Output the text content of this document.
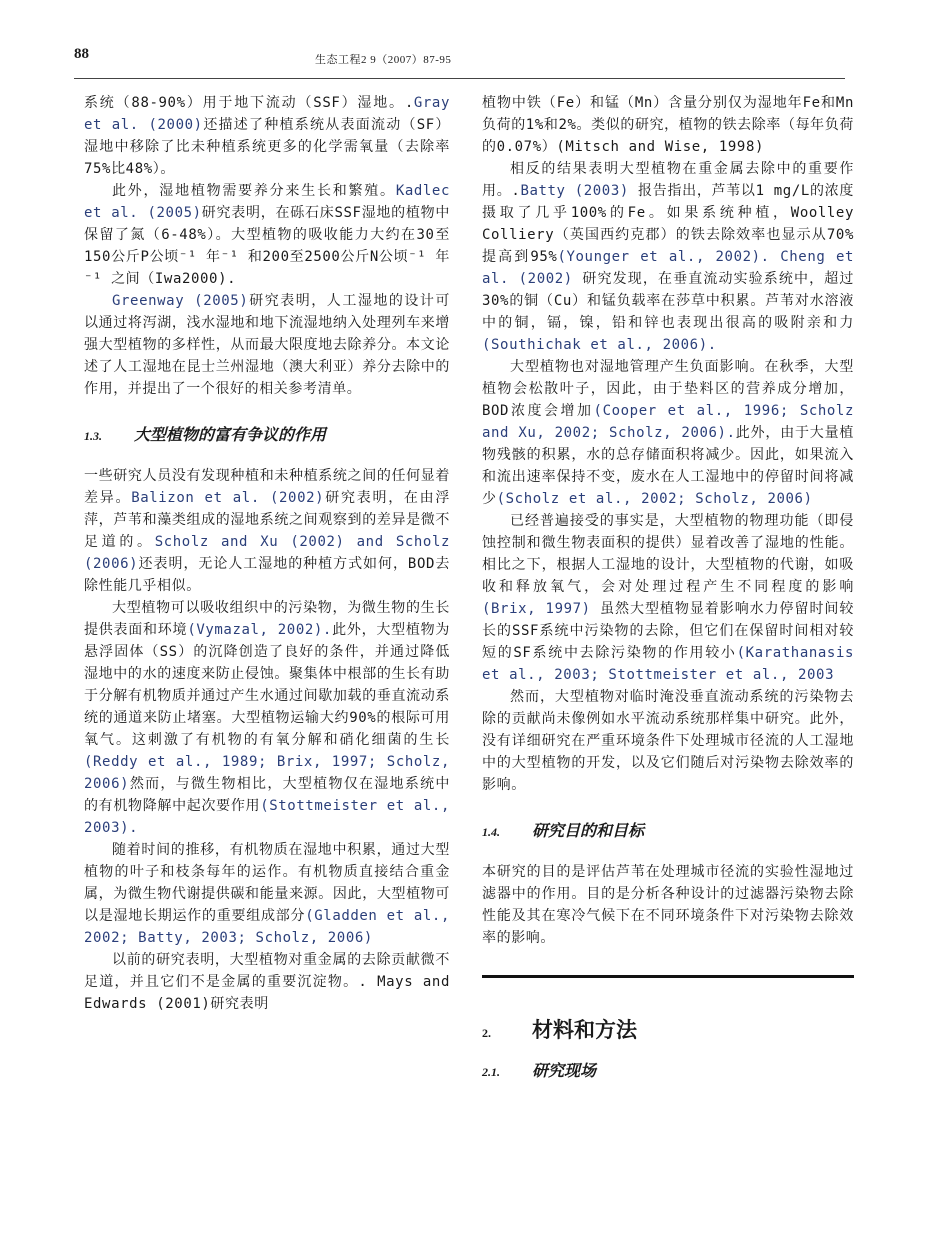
88	生态工程2 9（2007）87-95

系统（88-90%）用于地下流动（SSF）湿地。.Gray et al. (2000)还描述了种植系统从表面流动（SF）湿地中移除了比未种植系统更多的化学需氧量（去除率75%比48%）。

此外，湿地植物需要养分来生长和繁殖。Kadlec et al. (2005)研究表明，在砾石床SSF湿地的植物中保留了氮（6-48%）。大型植物的吸收能力大约在30至150公斤P公顷⁻¹ 年⁻¹ 和200至2500公斤N公顷⁻¹ 年⁻¹ 之间（Iwa2000).

Greenway (2005)研究表明，人工湿地的设计可以通过将泻湖，浅水湿地和地下流湿地纳入处理列车来增强大型植物的多样性，从而最大限度地去除养分。本文论述了人工湿地在昆士兰州湿地（澳大利亚）养分去除中的作用，并提出了一个很好的相关参考清单。

1.3. 大型植物的富有争议的作用

一些研究人员没有发现种植和未种植系统之间的任何显着差异。Balizon et al. (2002)研究表明，在由浮萍，芦苇和藻类组成的湿地系统之间观察到的差异是微不足道的。Scholz and Xu (2002) and Scholz (2006)还表明，无论人工湿地的种植方式如何，BOD去除性能几乎相似。

大型植物可以吸收组织中的污染物，为微生物的生长提供表面和环境(Vymazal, 2002).此外，大型植物为悬浮固体（SS）的沉降创造了良好的条件，并通过降低湿地中的水的速度来防止侵蚀。聚集体中根部的生长有助于分解有机物质并通过产生水通过间歇加载的垂直流动系统的通道来防止堵塞。大型植物运输大约90%的根际可用氧气。这刺激了有机物的有氧分解和硝化细菌的生长(Reddy et al., 1989; Brix, 1997; Scholz, 2006)然而，与微生物相比，大型植物仅在湿地系统中的有机物降解中起次要作用(Stottmeister et al., 2003).

随着时间的推移，有机物质在湿地中积累，通过大型植物的叶子和枝条每年的运作。有机物质直接结合重金属，为微生物代谢提供碳和能量来源。因此，大型植物可以是湿地长期运作的重要组成部分(Gladden et al., 2002; Batty, 2003; Scholz, 2006)

以前的研究表明，大型植物对重金属的去除贡献微不足道，并且它们不是金属的重要沉淀物。. Mays and Edwards (2001)研究表明

植物中铁（Fe）和锰（Mn）含量分别仅为湿地年Fe和Mn负荷的1%和2%。类似的研究，植物的铁去除率（每年负荷的0.07%）(Mitsch and Wise, 1998)

相反的结果表明大型植物在重金属去除中的重要作用。.Batty (2003) 报告指出，芦苇以1 mg/L的浓度摄取了几乎100%的Fe。如果系统种植，Woolley Colliery（英国西约克郡）的铁去除效率也显示从70%提高到95%(Younger et al., 2002). Cheng et al. (2002) 研究发现，在垂直流动实验系统中，超过30%的铜（Cu）和锰负载率在莎草中积累。芦苇对水溶液中的铜，镉，镍，铅和锌也表现出很高的吸附亲和力(Southichak et al., 2006).

大型植物也对湿地管理产生负面影响。在秋季，大型植物会松散叶子，因此，由于垫料区的营养成分增加，BOD浓度会增加(Cooper et al., 1996; Scholz and Xu, 2002; Scholz, 2006).此外，由于大量植物残骸的积累，水的总存储面积将减少。因此，如果流入和流出速率保持不变，废水在人工湿地中的停留时间将减少(Scholz et al., 2002; Scholz, 2006)

已经普遍接受的事实是，大型植物的物理功能（即侵蚀控制和微生物表面积的提供）显着改善了湿地的性能。相比之下，根据人工湿地的设计，大型植物的代谢，如吸收和释放氧气，会对处理过程产生不同程度的影响(Brix, 1997) 虽然大型植物显着影响水力停留时间较长的SSF系统中污染物的去除，但它们在保留时间相对较短的SF系统中去除污染物的作用较小(Karathanasis et al., 2003; Stottmeister et al., 2003

然而，大型植物对临时淹没垂直流动系统的污染物去除的贡献尚未像例如水平流动系统那样集中研究。此外，没有详细研究在严重环境条件下处理城市径流的人工湿地中的大型植物的开发，以及它们随后对污染物去除效率的影响。

1.4. 研究目的和目标

本研究的目的是评估芦苇在处理城市径流的实验性湿地过滤器中的作用。目的是分析各种设计的过滤器污染物去除性能及其在寒冷气候下在不同环境条件下对污染物去除效率的影响。

2. 材料和方法
2.1. 研究现场
